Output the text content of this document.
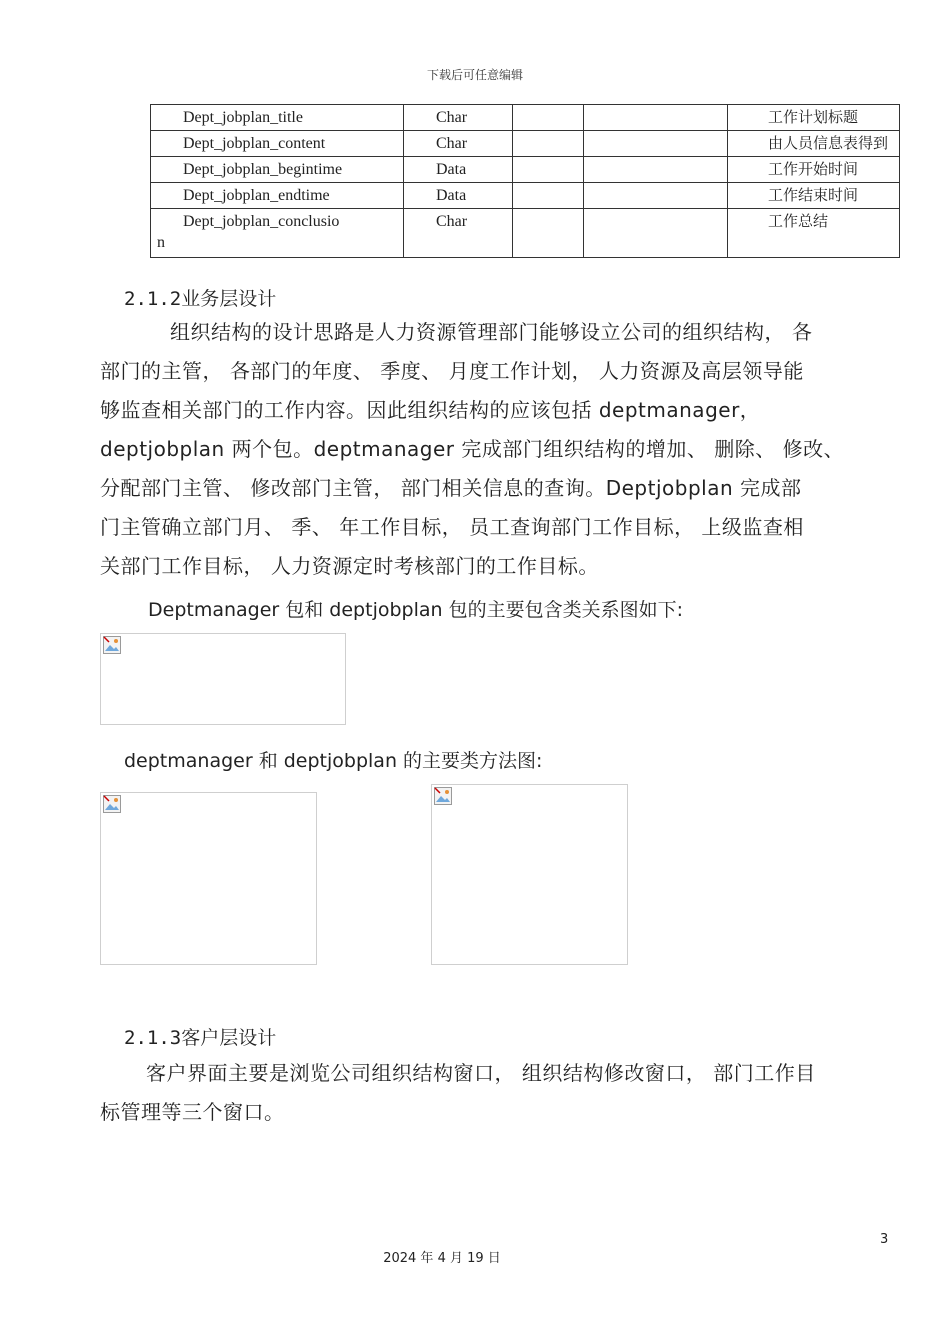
下载后可任意编辑
Dept_jobplan_title	Char			工作计划标题
Dept_jobplan_content	Char			由人员信息表得到
Dept_jobplan_begintime	Data			工作开始时间
Dept_jobplan_endtime	Data			工作结束时间
Dept_jobplan_conclusio
n	Char			工作总结
2.1.2业务层设计
组织结构的设计思路是人力资源管理部门能够设立公司的组织结构， 各
部门的主管， 各部门的年度、 季度、 月度工作计划， 人力资源及高层领导能
够监查相关部门的工作内容。因此组织结构的应该包括 deptmanager，
deptjobplan 两个包。deptmanager 完成部门组织结构的增加、 删除、 修改、
分配部门主管、 修改部门主管， 部门相关信息的查询。Deptjobplan 完成部
门主管确立部门月、 季、 年工作目标， 员工查询部门工作目标， 上级监查相
关部门工作目标， 人力资源定时考核部门的工作目标。
Deptmanager 包和 deptjobplan 包的主要包含类关系图如下:
deptmanager 和 deptjobplan 的主要类方法图:
2.1.3客户层设计
客户界面主要是浏览公司组织结构窗口， 组织结构修改窗口， 部门工作目
标管理等三个窗口。
3
2024 年 4 月 19 日
